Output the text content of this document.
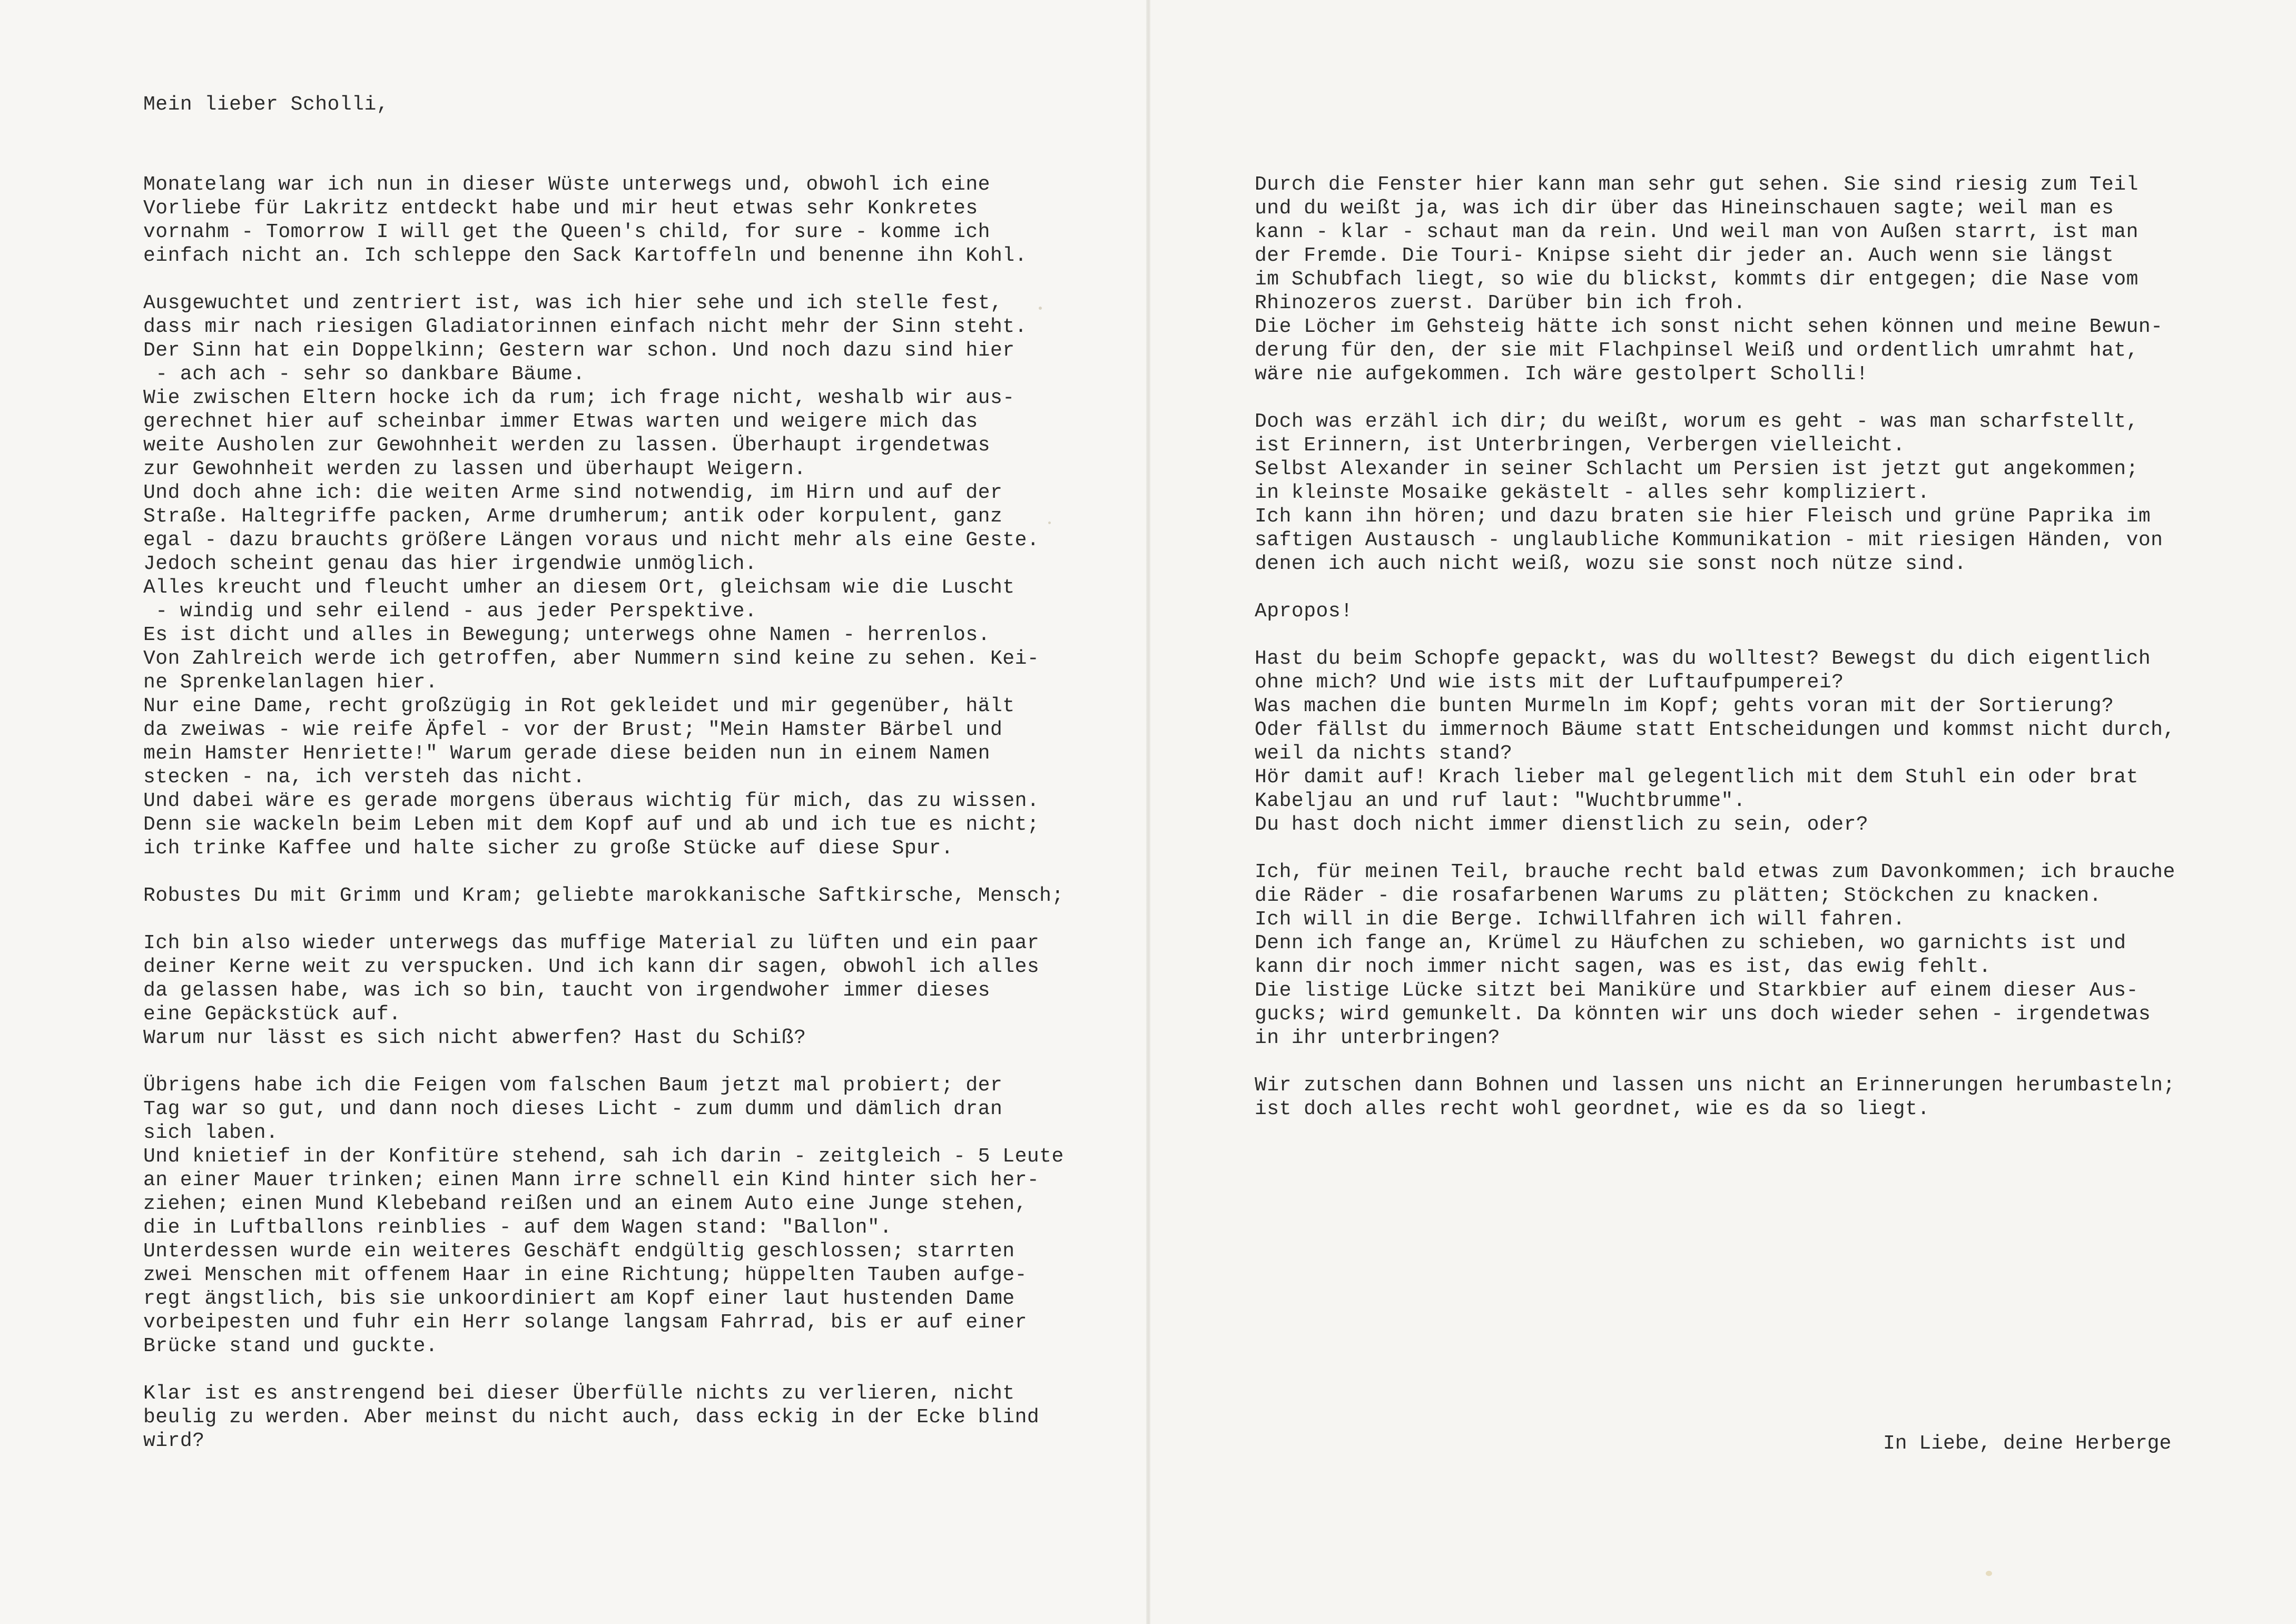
Mein lieber Scholli,
Monatelang war ich nun in dieser Wüste unterwegs und, obwohl ich eine
Vorliebe für Lakritz entdeckt habe und mir heut etwas sehr Konkretes
vornahm - Tomorrow I will get the Queen's child, for sure - komme ich
einfach nicht an. Ich schleppe den Sack Kartoffeln und benenne ihn Kohl.
Ausgewuchtet und zentriert ist, was ich hier sehe und ich stelle fest,
dass mir nach riesigen Gladiatorinnen einfach nicht mehr der Sinn steht.
Der Sinn hat ein Doppelkinn; Gestern war schon. Und noch dazu sind hier
- ach ach - sehr so dankbare Bäume.
Wie zwischen Eltern hocke ich da rum; ich frage nicht, weshalb wir aus-
gerechnet hier auf scheinbar immer Etwas warten und weigere mich das
weite Ausholen zur Gewohnheit werden zu lassen. Überhaupt irgendetwas
zur Gewohnheit werden zu lassen und überhaupt Weigern.
Und doch ahne ich: die weiten Arme sind notwendig, im Hirn und auf der
Straße. Haltegriffe packen, Arme drumherum; antik oder korpulent, ganz
egal - dazu brauchts größere Längen voraus und nicht mehr als eine Geste.
Jedoch scheint genau das hier irgendwie unmöglich.
Alles kreucht und fleucht umher an diesem Ort, gleichsam wie die Luscht
- windig und sehr eilend - aus jeder Perspektive.
Es ist dicht und alles in Bewegung; unterwegs ohne Namen - herrenlos.
Von Zahlreich werde ich getroffen, aber Nummern sind keine zu sehen. Kei-
ne Sprenkelanlagen hier.
Nur eine Dame, recht großzügig in Rot gekleidet und mir gegenüber, hält
da zweiwas - wie reife Äpfel - vor der Brust; "Mein Hamster Bärbel und
mein Hamster Henriette!" Warum gerade diese beiden nun in einem Namen
stecken - na, ich versteh das nicht.
Und dabei wäre es gerade morgens überaus wichtig für mich, das zu wissen.
Denn sie wackeln beim Leben mit dem Kopf auf und ab und ich tue es nicht;
ich trinke Kaffee und halte sicher zu große Stücke auf diese Spur.
Robustes Du mit Grimm und Kram; geliebte marokkanische Saftkirsche, Mensch;
Ich bin also wieder unterwegs das muffige Material zu lüften und ein paar
deiner Kerne weit zu verspucken. Und ich kann dir sagen, obwohl ich alles
da gelassen habe, was ich so bin, taucht von irgendwoher immer dieses
eine Gepäckstück auf.
Warum nur lässt es sich nicht abwerfen? Hast du Schiß?
Übrigens habe ich die Feigen vom falschen Baum jetzt mal probiert; der
Tag war so gut, und dann noch dieses Licht - zum dumm und dämlich dran
sich laben.
Und knietief in der Konfitüre stehend, sah ich darin - zeitgleich - 5 Leute
an einer Mauer trinken; einen Mann irre schnell ein Kind hinter sich her-
ziehen; einen Mund Klebeband reißen und an einem Auto eine Junge stehen,
die in Luftballons reinblies - auf dem Wagen stand: "Ballon".
Unterdessen wurde ein weiteres Geschäft endgültig geschlossen; starrten
zwei Menschen mit offenem Haar in eine Richtung; hüppelten Tauben aufge-
regt ängstlich, bis sie unkoordiniert am Kopf einer laut hustenden Dame
vorbeipesten und fuhr ein Herr solange langsam Fahrrad, bis er auf einer
Brücke stand und guckte.
Klar ist es anstrengend bei dieser Überfülle nichts zu verlieren, nicht
beulig zu werden. Aber meinst du nicht auch, dass eckig in der Ecke blind
wird?
Durch die Fenster hier kann man sehr gut sehen. Sie sind riesig zum Teil
und du weißt ja, was ich dir über das Hineinschauen sagte; weil man es
kann - klar - schaut man da rein. Und weil man von Außen starrt, ist man
der Fremde. Die Touri- Knipse sieht dir jeder an. Auch wenn sie längst
im Schubfach liegt, so wie du blickst, kommts dir entgegen; die Nase vom
Rhinozeros zuerst. Darüber bin ich froh.
Die Löcher im Gehsteig hätte ich sonst nicht sehen können und meine Bewun-
derung für den, der sie mit Flachpinsel Weiß und ordentlich umrahmt hat,
wäre nie aufgekommen. Ich wäre gestolpert Scholli!
Doch was erzähl ich dir; du weißt, worum es geht - was man scharfstellt,
ist Erinnern, ist Unterbringen, Verbergen vielleicht.
Selbst Alexander in seiner Schlacht um Persien ist jetzt gut angekommen;
in kleinste Mosaike gekästelt - alles sehr kompliziert.
Ich kann ihn hören; und dazu braten sie hier Fleisch und grüne Paprika im
saftigen Austausch - unglaubliche Kommunikation - mit riesigen Händen, von
denen ich auch nicht weiß, wozu sie sonst noch nütze sind.
Apropos!
Hast du beim Schopfe gepackt, was du wolltest? Bewegst du dich eigentlich
ohne mich? Und wie ists mit der Luftaufpumperei?
Was machen die bunten Murmeln im Kopf; gehts voran mit der Sortierung?
Oder fällst du immernoch Bäume statt Entscheidungen und kommst nicht durch,
weil da nichts stand?
Hör damit auf! Krach lieber mal gelegentlich mit dem Stuhl ein oder brat
Kabeljau an und ruf laut: "Wuchtbrumme".
Du hast doch nicht immer dienstlich zu sein, oder?
Ich, für meinen Teil, brauche recht bald etwas zum Davonkommen; ich brauche
die Räder - die rosafarbenen Warums zu plätten; Stöckchen zu knacken.
Ich will in die Berge. Ichwillfahren ich will fahren.
Denn ich fange an, Krümel zu Häufchen zu schieben, wo garnichts ist und
kann dir noch immer nicht sagen, was es ist, das ewig fehlt.
Die listige Lücke sitzt bei Maniküre und Starkbier auf einem dieser Aus-
gucks; wird gemunkelt. Da könnten wir uns doch wieder sehen - irgendetwas
in ihr unterbringen?
Wir zutschen dann Bohnen und lassen uns nicht an Erinnerungen herumbasteln;
ist doch alles recht wohl geordnet, wie es da so liegt.
In Liebe, deine Herberge
